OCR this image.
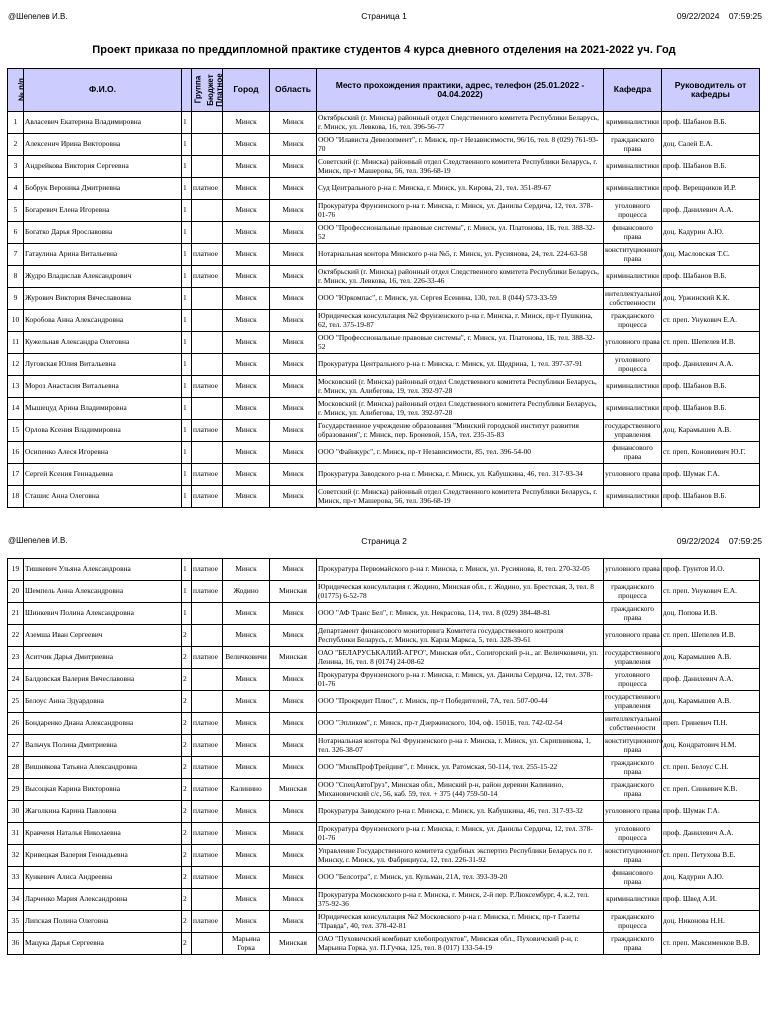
@Шепелев И.В.	Страница 1	09/22/2024 07:59:25
Проект приказа по преддипломной практике студентов 4 курса дневного отделения на 2021-2022 уч. Год
№ п/п	Ф.И.О.	Группа	Бюджет Платное	Город	Область	Место прохождения практики, адрес, телефон (25.01.2022 - 04.04.2022)	Кафедра	Руководитель от кафедры
1	Авласевич Екатерина Владимировна	1		Минск	Минск	Октябрьский (г. Минска) районный отдел Следственного комитета Республики Беларусь, г. Минск, ул. Левкова, 16, тел. 396-56-77	криминалистики	проф. Шабанов В.Б.
2	Алексенич Ирина Викторовна	1		Минск	Минск	ООО "Илависта Девелопмент", г. Минск, пр-т Независимости, 96/16, тел. 8 (029) 761-93-70	гражданского права	доц. Салей Е.А.
3	Андрейкова Виктория Сергеевна	1		Минск	Минск	Советский (г. Минска) районный отдел Следственного комитета Республики Беларусь, г. Минск, пр-т Машерова, 56, тел. 396-68-19	криминалистики	проф. Шабанов В.Б.
4	Бобрук Вероника Дмитриевна	1	платное	Минск	Минск	Суд Центрального р-на г. Минска, г. Минск, ул. Кирова, 21, тел. 351-89-67	криминалистики	проф. Верещников И.Р.
5	Богаревич Елена Игоревна	1		Минск	Минск	Прокуратура Фрунзенского р-на г. Минска, г. Минск, ул. Данилы Сердича, 12, тел. 378-01-76	уголовного процесса	проф. Данилевич А.А.
6	Богатко Дарья Ярославовна	1		Минск	Минск	ООО "Профессиональные правовые системы", г. Минск, ул. Платонова, 1Б, тел. 388-32-52	финансового права	доц. Кадурин А.Ю.
7	Гатаулина Арина Витальевна	1	платное	Минск	Минск	Нотариальная контора Минского р-на №5, г. Минск, ул. Русиянова, 24, тел. 224-63-58	конституционного права	доц. Масловская Т.С.
8	Жудро Владислав Александрович	1	платное	Минск	Минск	Октябрьский (г. Минска) районный отдел Следственного комитета Республики Беларусь, г. Минск, ул. Левкова, 16, тел. 226-33-46	криминалистики	проф. Шабанов В.Б.
9	Журович Виктория Вячеславовна	1		Минск	Минск	ООО "Юркомпас", г. Минск, ул. Сергея Есенина, 130, тел. 8 (044) 573-33-59	интеллектуальной собственности	доц. Уржинский К.К.
10	Коробова Анна Александровна	1		Минск	Минск	Юридическая консультация №2 Фрунзенского р-на г. Минска, г. Минск, пр-т Пушкина, 62, тел. 375-19-87	гражданского процесса	ст. преп. Унукович Е.А.
11	Кужельная Александра Олеговна	1		Минск	Минск	ООО "Профессиональные правовые системы", г. Минск, ул. Платонова, 1Б, тел. 388-32-52	уголовного права	ст. преп. Шепелев И.В.
12	Луговская Юлия Витальевна	1		Минск	Минск	Прокуратура Центрального р-на г. Минска, г. Минск, ул. Щедрина, 1, тел. 397-37-91	уголовного процесса	проф. Данилевич А.А.
13	Мороз Анастасия Витальевна	1	платное	Минск	Минск	Московский (г. Минска) районный отдел Следственного комитета Республики Беларусь, г. Минск, ул. Алибегова, 19, тел. 392-97-28	криминалистики	проф. Шабанов В.Б.
14	Мышецуд Арина Владимировна	1		Минск	Минск	Московский (г. Минска) районный отдел Следственного комитета Республики Беларусь, г. Минск, ул. Алибегова, 19, тел. 392-97-28	криминалистики	проф. Шабанов В.Б.
15	Орлова Ксения Владимировна	1	платное	Минск	Минск	Государственное учреждение образования "Минский городской институт развития образования", г. Минск, пер. Броневой, 15А, тел. 235-35-83	государственного управления	доц. Карамышев А.В.
16	Осипенко Алеся Игоревна	1		Минск	Минск	ООО "Файнкурс", г. Минск, пр-т Независимости, 85, тел. 396-54-00	финансового права	ст. преп. Коновиевич Ю.Г.
17	Сергей Ксения Геннадьевна	1	платное	Минск	Минск	Прокуратура Заводского р-на г. Минска, г. Минск, ул. Кабушкина, 46, тел. 317-93-34	уголовного права	проф. Шумак Г.А.
18	Сташис Анна Олеговна	1	платное	Минск	Минск	Советский (г. Минска) районный отдел Следственного комитета Республики Беларусь, г. Минск, пр-т Машерова, 56, тел. 396-68-19	криминалистики	проф. Шабанов В.Б.
@Шепелев И.В.	Страница 2	09/22/2024 07:59:25
19	Тишкевич Ульяна Александровна	1	платное	Минск	Минск	Прокуратура Первомайского р-на г. Минска, г. Минск, ул. Русиянова, 8, тел. 270-32-05	уголовного права	проф. Грунтов И.О.
20	Шемпель Анна Александровна	1	платное	Жодино	Минская	Юридическая консультация г. Жодино, Минская обл., г. Жодино, ул. Брестская, 3, тел. 8 (01775) 6-52-78	гражданского процесса	ст. преп. Унукович Е.А.
21	Шинкевич Полина Александровна	1		Минск	Минск	ООО "АФ Транс Бел", г. Минск, ул. Некрасова, 114, тел. 8 (029) 384-48-81	гражданского права	доц. Попова И.В.
22	Аземша Иван Сергеевич	2		Минск	Минск	Департамент финансового мониторинга Комитета государственного контроля Республики Беларусь, г. Минск, ул. Карла Маркса, 5, тел. 328-39-61	уголовного права	ст. преп. Шепелев И.В.
23	Аситчик Дарья Дмитриевна	2	платное	Величковичи	Минская	ОАО "БЕЛАРУСЬКАЛИЙ-АГРО", Минская обл., Солигорский р-н., аг. Величковичи, ул. Ленина, 16, тел. 8 (0174) 24-08-62	государственного управления	доц. Карамышев А.В.
24	Балдовская Валерия Вячеславовна	2		Минск	Минск	Прокуратура Фрунзенского р-на г. Минска, г. Минск, ул. Данилы Сердича, 12, тел. 378-01-76	уголовного процесса	проф. Данилевич А.А.
25	Белоус Анна Эдуардовна	2		Минск	Минск	ООО "Прокредит Плюс", г. Минск, пр-т Победителей, 7А, тел. 507-00-44	государственного управления	доц. Карамышев А.В.
26	Бондаренко Диана Александровна	2	платное	Минск	Минск	ООО "Эпликом", г. Минск, пр-т Дзержинского, 104, оф. 1501Б, тел. 742-02-54	интеллектуальной собственности	преп. Гриневич П.Н.
27	Вальчук Полина Дмитриевна	2	платное	Минск	Минск	Нотариальная контора №1 Фрунзенского р-на г. Минска, г. Минск, ул. Скрипникова, 1, тел. 326-38-07	конституционного права	доц. Кондратович Н.М.
28	Вишнякова Татьяна Александровна	2	платное	Минск	Минск	ООО "МилкПрофТрейдинг", г. Минск, ул. Ратомская, 50-114, тел. 255-15-22	гражданского права	ст. преп. Белоус С.Н.
29	Высоцкая Карина Викторовна	2	платное	Калинино	Минская	ООО "СпецАвтоГруз", Минская обл., Минский р-н, район деревни Калинино, Михановичский с/с, 56, каб. 59, тел. + 375 (44) 759-50-14	гражданского права	ст. преп. Синкевич К.В.
30	Жаголкина Карина Павловна	2	платное	Минск	Минск	Прокуратура Заводского р-на г. Минска, г. Минск, ул. Кабушкина, 46, тел. 317-93-32	уголовного права	проф. Шумак Г.А.
31	Кравченя Наталья Николаевна	2	платное	Минск	Минск	Прокуратура Фрунзенского р-на г. Минска, г. Минск, ул. Данилы Сердича, 12, тел. 378-01-76	уголовного процесса	проф. Данилевич А.А.
32	Кривецкая Валерия Геннадьевна	2	платное	Минск	Минск	Управление Государственного комитета судебных экспертиз Республики Беларусь по г. Минску, г. Минск, ул. Фабрициуса, 12, тел. 226-31-92	конституционного права	ст. преп. Петухова В.Е.
33	Кункевич Алиса Андреевна	2	платное	Минск	Минск	ООО "Белсотра", г. Минск, ул. Кульман, 21А, тел. 393-39-20	финансового права	доц. Кадурин А.Ю.
34	Ларченко Мария Александровна	2		Минск	Минск	Прокуратура Московского р-на г. Минска, г. Минск, 2-й пер. Р.Люксембург, 4, к.2, тел. 375-92-36	криминалистики	проф. Швед А.И.
35	Липская Полина Олеговна	2	платное	Минск	Минск	Юридическая консультация №2 Московского р-на г. Минска, г. Минск, пр-т Газеты "Правда", 40, тел. 378-42-81	гражданского процесса	доц. Никонова Н.Н.
36	Мацука Дарья Сергеевна	2		Марьина Горка	Минская	ОАО "Пуховичский комбинат хлебопродуктов", Минская обл., Пуховичский р-н, г. Марьина Горка, ул. П.Гучка, 125, тел. 8 (017) 133-54-19	гражданского права	ст. преп. Максименков В.В.
